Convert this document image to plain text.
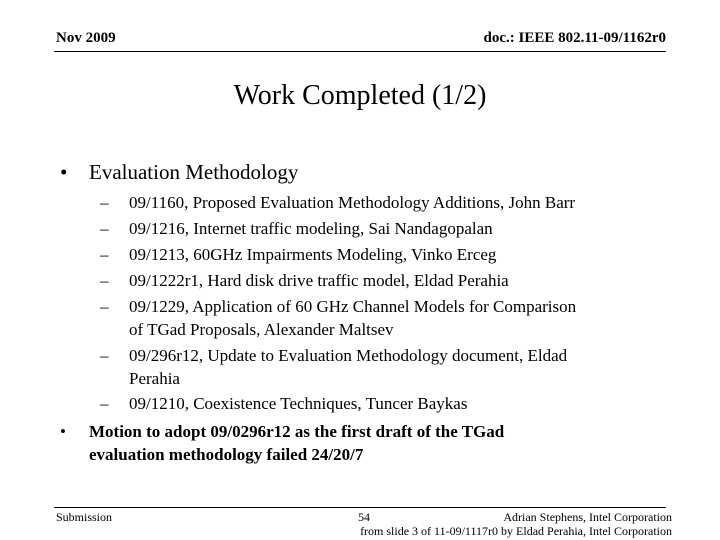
Nov 2009	doc.: IEEE 802.11-09/1162r0
Work Completed (1/2)
• Evaluation Methodology
– 09/1160, Proposed Evaluation Methodology Additions, John Barr
– 09/1216, Internet traffic modeling, Sai Nandagopalan
– 09/1213, 60GHz Impairments Modeling, Vinko Erceg
– 09/1222r1, Hard disk drive traffic model, Eldad Perahia
– 09/1229, Application of 60 GHz Channel Models for Comparison
of TGad Proposals, Alexander Maltsev
– 09/296r12, Update to Evaluation Methodology document, Eldad
Perahia
– 09/1210, Coexistence Techniques, Tuncer Baykas
• Motion to adopt 09/0296r12 as the first draft of the TGad
evaluation methodology failed 24/20/7
Submission	54	Adrian Stephens, Intel Corporation
from slide 3 of 11-09/1117r0 by Eldad Perahia, Intel Corporation
